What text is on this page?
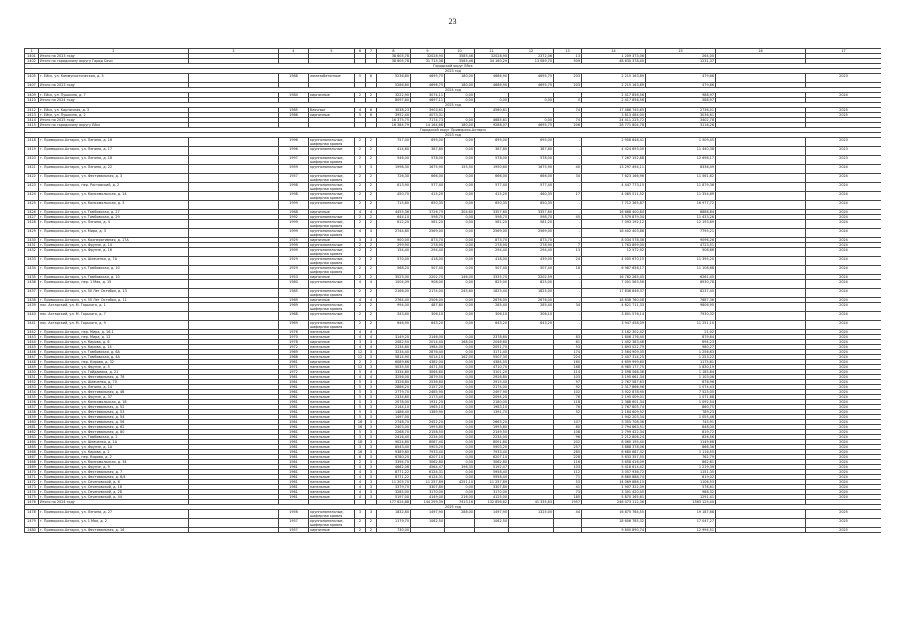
23
1	2	3	4	5	6	7	8	9	10	11	12	13	14	15	16	17
1401	Итого по 2023 году						38 605,78	32028,90	3585,46	32028,90	2372,06	13	1 209 373,06	264,00		
1402	Итого по городскому округу Город Сочи						38 605,78	31 715,38	3585,46	34 160,29	13 089,70	509	48 630 378,40	1231,37		
Городской округ Ейск																
2023 год																
1405	г. Ейск, ул. Коммунистическая, д. 5		1988	железобетонные	5	6	5236,80	4695,75	180,00	4686,90	4695,75	203	2 215 163,89	479,66		2023
1407	Итого по 2023 году						5286,80	4696,75	180,00	4686,90	4695,75	203	2 215 163,89	479,66		
2024 год																
1409	г. Ейск, ул. Пушкина, д. 7		1984	кирпичные	2	2	3222,90	3074,11	0,00				2 417 856,56	988,97		2024
1410	Итого по 2024 году						8097,60	4697,11	0,00	0,00	0,00	0	2 417 856,56	588,97		
2025 год																
1412	г. Ейск, ул. Кирпичная, д. 3		1985	блочные	4	6	3038,23	3903,61		4560,61		74	17 486 745,65	2736,51		2025
1413	г. Ейск, ул. Пушкина, д. 2		1986	кирпичные	5	6	3952,40	4073,31					3 813 484,00	3036,61		2025
1414	Итого по 2025 году						16 375,75	7174,73	0,00	4685,61	0,00	74	24 411 225,72	3402,78		
1415	Итого по городскому округу Ейск						16 384,79	14 164,68	180,00	9288,07	4695,75	206	28 771 804,78	3116,26		
Городской округ Приморско-Ахтарск																
2023 год																
1418	г. Приморско-Ахтарск, ул. Ленина, д. 16		1996	крупнопанельные, шиферная кровля	2	2	757,00	695,00	0,00	695,00	695,00	-	2 958 848,41	1 509,45		2023
1419	г. Приморско-Ахтарск, ул. Ленина, д. 17		1996	крупнопанельные	2	2	414,60	387,80	0,00	387,80	387,80	-	4 424 693,00	11 440,38		2023
1420	г. Приморско-Ахтарск, ул. Ленина, д. 18		1997	крупнопанельные, шиферная кровля	2	2	546,00	578,00	0,00	578,00	578,00	-	7 267 152,88	12 698,17		2023
1421	г. Приморско-Ахтарск, ул. Ленина, д. 22		1959	крупнопанельные	3	3	1998,30	1675,90	155,50	1950,60	1675,90	40	13 297 494,11	8336,49		2024
1422	г. Приморско-Ахтарск, ул. Фестивальная, д. 3		1957	крупнопанельные, шиферная кровля	2	2	726,30	666,00	0,00	666,00	666,00	34	7 623 166,96	11 561,62		2024
1423	г. Приморско-Ахтарск, пер. Ростовский, д. 2		1998	крупнопанельные, шиферная кровля	2	2	613,90	577,40	0,00	577,40	577,40	-	4 447 773,15	11 879,36		2024
1424	г. Приморско-Ахтарск, ул. Комсомольская, д. 14		1998	крупнопанельные, шиферная кровля	2	2	450,70	415,20	0,00	415,20	460,35	17	4 085 511,52	11 354,69		2024
1425	г. Приморско-Ахтарск, ул. Комсомольская, д. 3		1999	крупнопанельные	2	2	715,80	650,35	0,00	650,35	650,35	-	7 712 365,87	16 977,72		2024
1426	г. Приморско-Ахтарск, ул. Тамбовская, д. 27		1988	кирпичные	4	4	4455,36	3726,75	304,60	3357,60	3357,60	-	16 668 400,84	8886,84		2024
1427	г. Приморско-Ахтарск, ул. Тамбовская, д. 29		1992	крупнопанельные	2	2	644,10	598,70	0,00	598,70	598,70	45	3 579 879,34	11 433,26		2024
1428	г. Приморско-Ахтарск, ул. Ленина, д. 4		1999	крупнопанельные, шиферная кровля	2	2	612,20	581,20	0,00	581,20	581,20	-	7 093 192,12	12 193,69		2024
1429	г. Приморско-Ахтарск, ул. Мира, д. 3		1999	крупнопанельные, шиферная кровля	4	4	2744,80	2569,00	0,00	2569,00	2569,00	-	18 402 403,88	7795,21		2024
1430	г. Приморско-Ахтарск, ул. Кооперативная, д. 17А		1929	кирпичные	3	3	900,00	873,70	0,00	873,70	873,70	-	8 034 578,36	9096,26		2024
1431	г. Приморско-Ахтарск, ул. Фрунзе, д. 14		1999	крупнопанельные	2	2	299,90	278,90	0,00	278,90	278,90	7	1 763 899,00	4723,51		2024
1432	г. Приморско-Ахтарск, ул. Фрунзе, д. 16		1999	крупнопанельные, шиферная кровля	2	2	154,40	294,40	0,00	294,40	294,40	13	12 572,92	508,66		2024
1433	г. Приморско-Ахтарск, ул. Шевченко, д. 7А		1929	крупнопанельные, шиферная кровля	2	2	570,00	418,00	0,00	418,00	439,00	24	4 005 670,15	11 395,20		2024
1434	г. Приморско-Ахтарск, ул. Тамбовская, д. 10		1929	крупнопанельные, шиферная кровля	2	2	568,20	507,40	0,00	507,40	507,40	16	6 987 658,17	11 108,68		2024
1435	г. Приморско-Ахтарск, ул. Тамбовская, д. 10		1953	кирпичные	2	2	3525,00	2202,70	146,00	3335,70	2202,59	-	16 762 265,45	6261,45		2024
1436	г. Приморско-Ахтарск, пер. 1 Мая, д. 15		1980	крупнопанельные	4	4	1004,09	908,00	0,00	825,00	825,00	-	7 001 563,56	8930,78		2024
1437	г. Приморско-Ахтарск, ул. 50 Лет Октября, д. 13		1985	крупнопанельные, шиферная кровля	2	2	2166,00	2174,00	245,60	1825,40	1825,00	-	17 836 846,37	8237,45		2024
1438	г. Приморско-Ахтарск, ул. 50 Лет Октября, д. 11		1969	кирпичные	4	4	2764,40	2506,00	0,00	2676,00	2676,00	-	18 838 760,08	7687,36		2024
1439	пос. Ахтарский, ул. М. Горького, д. 1		1969	крупнопанельные, шиферная кровля	2	2	994,00	487,60	0,00	285,40	285,40	34	4 621 711,33	9806,95		2024
1440	пос. Ахтарский, ул. М. Горького, д. 7		1968	крупнопанельные	2	2	343,60	306,10	0,00	306,10	306,10	-	3 801 576,14	7930,32		2024
1441	пос. Ахтарский, ул. М. Горького, д. 9		1969	крупнопанельные, шиферная кровля	2	2	646,90	643,20	0,00	643,20	643,20	-	3 947 458,09	11 251,10		2024
1442	г. Приморско-Ахтарск, пер. Мира, д. 16-1		1976	панельные	4	4							3 162 302,42	21,02		2024
1443	г. Приморско-Ахтарск, пер. Мира, д. 12		1970	панельные	4	4	3149,20	2146,00	0,00	2378,60		83	1 806 176,40	879,64		2024
1444	г. Приморско-Ахтарск, ул. Кирова, д. 6		1978	кирпичные	3	3	2082,50	2014,40	168,00	2046,60		61	1 402 383,48	694,23		2024
1445	г. Приморско-Ахтарск, ул. Кирова, д. 14		1972	панельные	4	4	2134,80	1984,00	0,00	2051,70		53	1 893 022,79	980,27		2024
1446	г. Приморско-Ахтарск, ул. Тамбовская, д. 6А		1969	панельные	12	3	3234,40	2876,40	0,00	3171,40		174	2 564 909,35	1 256,63		2024
1447	г. Приморско-Ахтарск, ул. Тамбовская, д. 4А		1968	панельные	12	3	5814,90	5014,10	162,00	5507,30		224	2 407 314,25	1 253,22		2024
1448	г. Приморско-Ахтарск, пер. Кирова, д. 32		1961	кирпичные	2	2	6089,66	4382,00	0,00	4384,55		160	4 659 999,60	1175,61		2024
1449	г. Приморско-Ахтарск, ул. Фрунзе, д. 5		1971	панельные	12	3	5035,50	4471,50	0,00	4710,70		168	6 985 177,75	1 830,19		2024
1450	г. Приморско-Ахтарск, ул. Гайдамака, д. 21		1972	панельные	5	4	3334,80	3064,60	0,00	3101,20		114	2 598 568,36	1 185,84		2024
1451	г. Приморско-Ахтарск, ул. Фестивальная, д. 78		1961	панельные	4	4	3256,00	2879,50	0,00	2926,80		103	3 195 661,34	1 103,06		2024
1452	г. Приморско-Ахтарск, ул. Шевченко, д. 70		1961	панельные	5	3	3326,80	2536,80	0,00	2915,40		97	2 767 587,63	876,96		2024
1453	г. Приморско-Ахтарск, ул. Ленина, д. 14		1961	панельные	5	3	2886,20	2157,20	0,00	2174,00		92	2 317 866,96	1 074,43		2024
1454	г. Приморско-Ахтарск, ул. Фестивальная, д. 4б		1961	панельные	5	3	2779,70	2485,90	0,00	2497,90		102	3 922 878,90	7 525,05		2024
1455	г. Приморско-Ахтарск, ул. Фрунзе, д. 37		1961	панельные	5	3	2334,80	2173,40	0,00	2094,20		76	2 195 009,01	1 071,68		2024
1456	г. Приморско-Ахтарск, ул. Комсомольская, д. 18		1961	панельные	5	3	2078,00	1931,20	0,00	2180,00		118	2 388 601,34	1 092,54		2024
1457	г. Приморско-Ахтарск, ул. Фестивальная, д. 52		1961	панельные	5	3	2144,10	1965,10	0,00	1983,10		76	2 767 805,74	860,75		2024
1458	г. Приморско-Ахтарск, ул. Фестивальная, д. 53		1961	панельные	5	3	1486,40	1389,90	0,00	1391,70		52	2 164 609,92	789,23		2024
1459	г. Приморско-Ахтарск, ул. Фестивальная, д. 54		1961	панельные	5	3	1497,00						1 942 203,34	1 055,46		2024
1460	г. Приморско-Ахтарск, ул. Фестивальная, д. 56		1961	панельные	16	3	2748,70	2452,20	0,00	2663,20		107	3 355 708,36	745,91		2024
1461	г. Приморско-Ахтарск, ул. Фестивальная, д. 62		1961	панельные	16	3	2403,00	1993,80	0,00	1993,80		80	2 794 863,51	848,00		2024
1462	г. Приморско-Ахтарск, ул. Фестивальная, д. 80		1961	панельные	5	3	2268,70	2158,50	0,00	2149,50		108	2 799 422,34	819,72		2024
1463	г. Приморско-Ахтарск, ул. Тамбовская, д. 2		1961	панельные	3	3	2416,40	2234,00	0,00	2234,00		96	2 212 806,24	826,56		2024
1464	г. Приморско-Ахтарск, ул. Шевченко, д. 1А		1961	панельные	18	3	9024,80	8087,40	0,00	8091,80		202	8 060 195,40	1149,68		2024
1465	г. Приморско-Ахтарск, ул. Фрунзе, д. 1А		1961	панельные	3	3	8543,40	5903,20	0,00	5903,20		257	3 888 378,06	866,36		2024
1466	г. Приморско-Ахтарск, ул. Кирова, д. 2		1961	панельные	16	3	9389,80	7933,40	0,00	7933,40		285	6 680 687,32	1 116,55		2024
1467	г. Приморско-Ахтарск, пер. Кирова, д. 2		1961	панельные	6	3	6780,20	6207,10	0,00	6207,10		228	5 633 357,55	762,79		2024
1468	г. Приморско-Ахтарск, ул. Комсомольская, д. 34		1961	панельные	2	3	3394,70	3062,80	0,00	3062,80		116	3 658 416,09	862,61		2024
1469	г. Приморско-Ахтарск, ул. Фрунзе, д. 9		1961	панельные	4	3	4662,08	4564,47	196,35	5192,47		103	5 418 614,42	1 219,39		2024
1470	г. Приморско-Ахтарск, ул. Фестивальная, д. 7		1961	панельные	4	3	8771,22	6124,31	0,00	5958,40		112	3 057 936,72	1151,35		2024
1471	г. Приморско-Ахтарск, ул. Фестивальная, д. 6/4		1961	панельные	4	3	8771,22	6124,31	0,00	5958,40		71	8 860 888,74	819,02		2024
1472	г. Приморско-Ахтарск, ул. Сеченовский, д. 6		1961	панельные	4	3	11 205,70	11 257,89	4251,10	11 257,89		53	14 069 886,15	1106,53		2024
1473	г. Приморско-Ахтарск, ул. Сеченовский, д. 18		1961	панельные	4	3	3379,70	3307,80	0,00	3307,80		41	1 907 322,09	576,61		2024
1474	г. Приморско-Ахтарск, ул. Сеченовский, д. 28		1961	панельные	4	3	3285,00	3170,00	0,00	3170,00		73	3 301 420,45	986,32		2024
1475	г. Приморско-Ахтарск, ул. Сеченовский, д. 44		1961	панельные	4	3	5197,00	4149,00	216,00	4125,00		185	5 870 165,61	1291,41		2024
1476	Итого по 2024 году						177 624,88	144 299,39	7413,16	132 856,62	41 335,63	1957	246 073 112,36	1563 125,40		
2025 год																
1478	г. Приморско-Ахтарск, ул. Ленина, д. 27		1956	крупнопанельные, шиферная кровля	3	3	1832,80	1497,90	288,00	1497,90	1325,00	44	16 875 764,55	19 187,68		2025
1479	г. Приморско-Ахтарск, ул. 1 Мая, д. 2		1957	крупнопанельные, шиферная кровля	2	2	1179,70	1062,50		1062,50			18 606 785,32	17 047,27		2025
1480	г. Приморско-Ахтарск, ул. Фестивальная, д. 16		1957	кирпичные	2	2	730,00						9 800 890,74	12 994,51		2025
